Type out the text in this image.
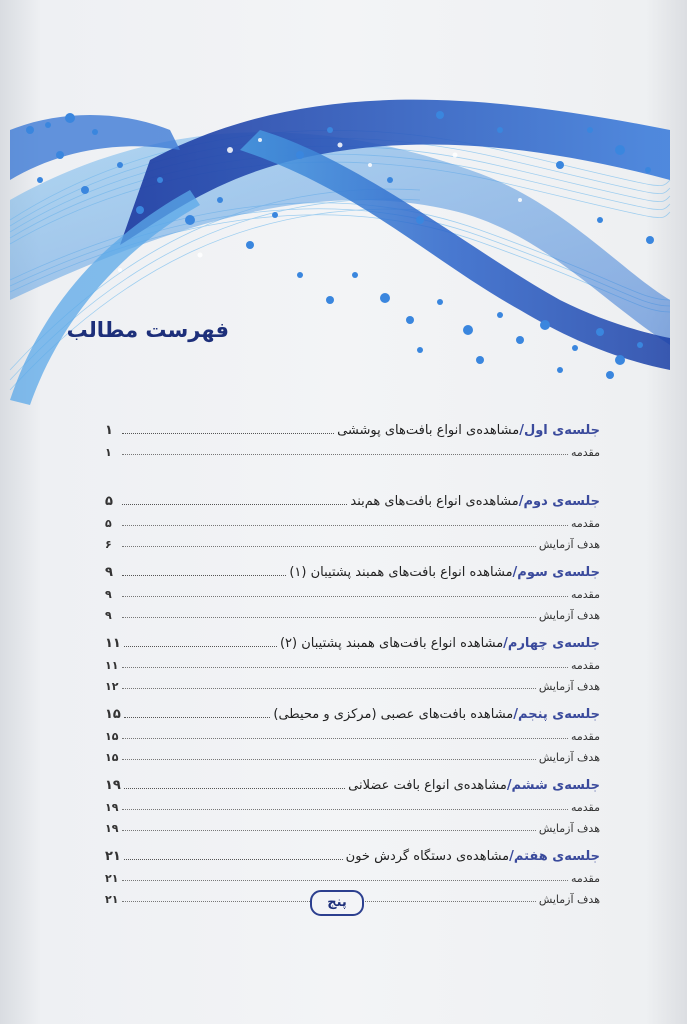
فهرست مطالب
جلسه‌ی اول/مشاهده‌ی انواع بافت‌های پوششی
۱
مقدمه
۱
جلسه‌ی دوم/مشاهده‌ی انواع بافت‌های هم‌بند
۵
مقدمه
۵
هدف آزمایش
۶
جلسه‌ی سوم/مشاهده انواع بافت‌های همبند پشتیبان (۱)
۹
مقدمه
۹
هدف آزمایش
۹
جلسه‌ی چهارم/مشاهده انواع بافت‌های همبند پشتیبان (۲)
۱۱
مقدمه
۱۱
هدف آزمایش
۱۲
جلسه‌ی پنجم/مشاهده بافت‌های عصبی (مرکزی و محیطی)
۱۵
مقدمه
۱۵
هدف آزمایش
۱۵
جلسه‌ی ششم/مشاهده‌ی انواع بافت عضلانی
۱۹
مقدمه
۱۹
هدف آزمایش
۱۹
جلسه‌ی هفتم/مشاهده‌ی دستگاه گردش خون
۲۱
مقدمه
۲۱
هدف آزمایش
۲۱	پنج
